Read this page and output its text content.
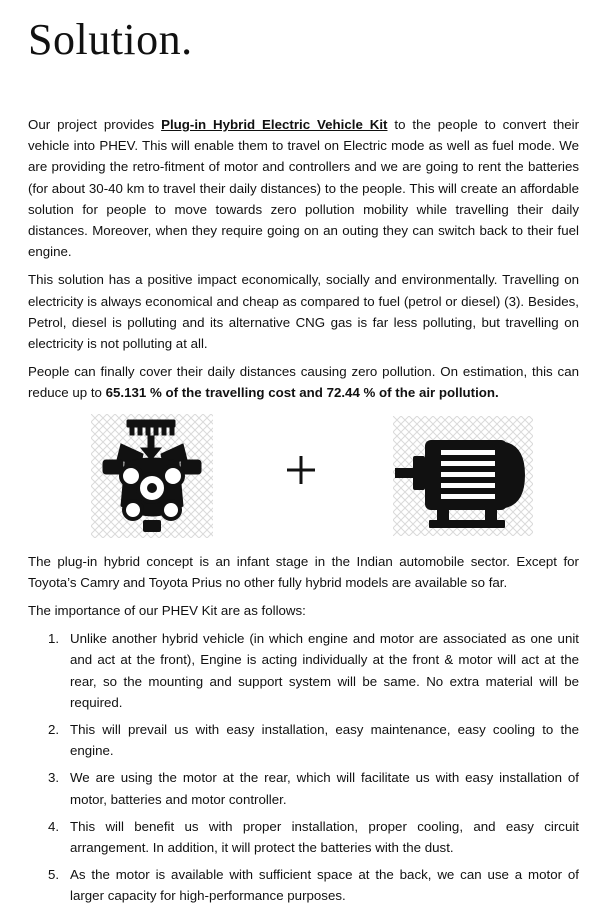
Solution.

Our project provides Plug-in Hybrid Electric Vehicle Kit to the people to convert their vehicle into PHEV. This will enable them to travel on Electric mode as well as fuel mode. We are providing the retro-fitment of motor and controllers and we are going to rent the batteries (for about 30-40 km to travel their daily distances) to the people. This will create an affordable solution for people to move towards zero pollution mobility while travelling their daily distances. Moreover, when they require going on an outing they can switch back to their fuel engine.

This solution has a positive impact economically, socially and environmentally. Travelling on electricity is always economical and cheap as compared to fuel (petrol or diesel) (3). Besides, Petrol, diesel is polluting and its alternative CNG gas is far less polluting, but travelling on electricity is not polluting at all.

People can finally cover their daily distances causing zero pollution. On estimation, this can reduce up to 65.131 % of the travelling cost and 72.44 % of the air pollution.

The plug-in hybrid concept is an infant stage in the Indian automobile sector. Except for Toyota’s Camry and Toyota Prius no other fully hybrid models are available so far.

The importance of our PHEV Kit are as follows:

1. Unlike another hybrid vehicle (in which engine and motor are associated as one unit and act at the front), Engine is acting individually at the front & motor will act at the rear, so the mounting and support system will be same. No extra material will be required.
2. This will prevail us with easy installation, easy maintenance, easy cooling to the engine.
3. We are using the motor at the rear, which will facilitate us with easy installation of motor, batteries and motor controller.
4. This will benefit us with proper installation, proper cooling, and easy circuit arrangement. In addition, it will protect the batteries with the dust.
5. As the motor is available with sufficient space at the back, we can use a motor of larger capacity for high-performance purposes.
